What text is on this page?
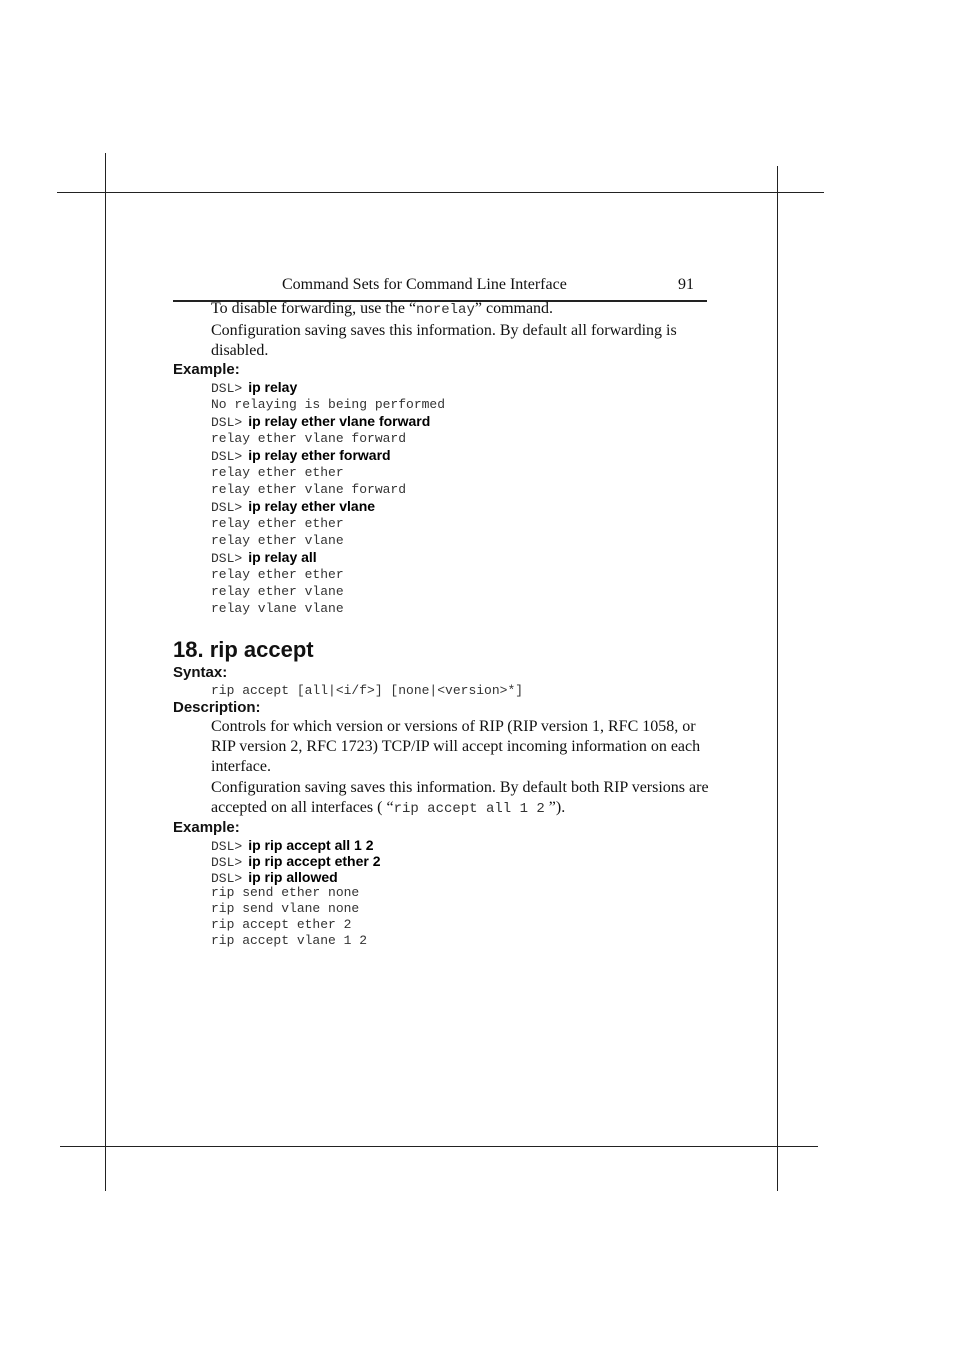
Command Sets for Command Line Interface	91

To disable forwarding, use the “norelay” command.

Configuration saving saves this information. By default all forwarding is disabled.

Example:
DSL> ip relay
No relaying is being performed
DSL> ip relay ether vlane forward
relay ether vlane forward
DSL> ip relay ether forward
relay ether ether
relay ether vlane forward
DSL> ip relay ether vlane
relay ether ether
relay ether vlane
DSL> ip relay all
relay ether ether
relay ether vlane
relay vlane vlane
18. rip accept
Syntax:
rip accept [all|<i/f>] [none|<version>*]
Description:

Controls for which version or versions of RIP (RIP version 1, RFC 1058, or RIP version 2, RFC 1723) TCP/IP will accept incoming information on each interface.

Configuration saving saves this information. By default both RIP versions are accepted on all interfaces ( “rip accept all 1 2 ”).

Example:
DSL> ip rip accept all 1 2
DSL> ip rip accept ether 2
DSL> ip rip allowed
rip send ether none
rip send vlane none
rip accept ether 2
rip accept vlane 1 2
